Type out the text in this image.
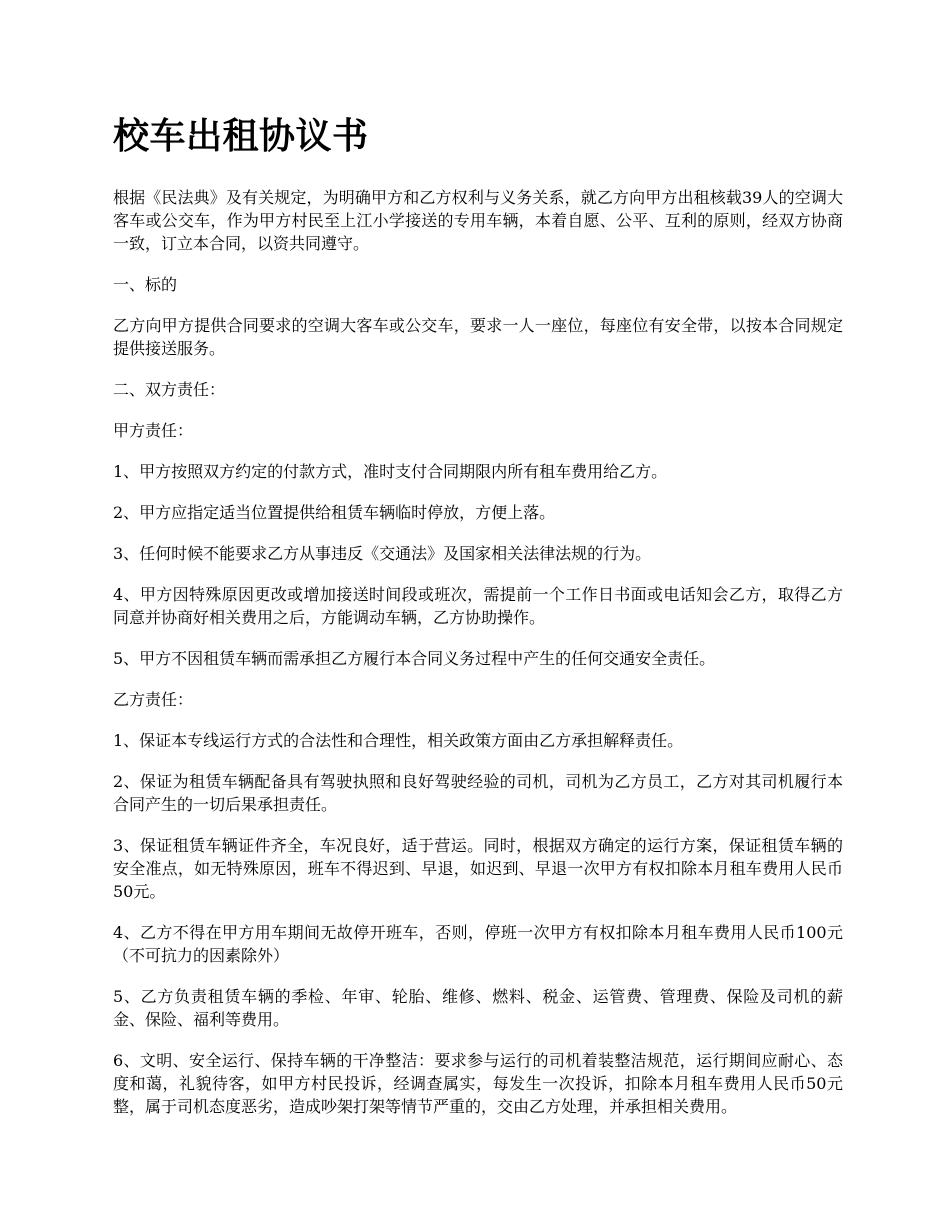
校车出租协议书

根据《民法典》及有关规定，为明确甲方和乙方权利与义务关系，就乙方向甲方出租核载39人的空调大客车或公交车，作为甲方村民至上江小学接送的专用车辆，本着自愿、公平、互利的原则，经双方协商一致，订立本合同，以资共同遵守。

一、标的

乙方向甲方提供合同要求的空调大客车或公交车，要求一人一座位，每座位有安全带，以按本合同规定提供接送服务。

二、双方责任：

甲方责任：

1、甲方按照双方约定的付款方式，准时支付合同期限内所有租车费用给乙方。

2、甲方应指定适当位置提供给租赁车辆临时停放，方便上落。

3、任何时候不能要求乙方从事违反《交通法》及国家相关法律法规的行为。

4、甲方因特殊原因更改或增加接送时间段或班次，需提前一个工作日书面或电话知会乙方，取得乙方同意并协商好相关费用之后，方能调动车辆，乙方协助操作。

5、甲方不因租赁车辆而需承担乙方履行本合同义务过程中产生的任何交通安全责任。

乙方责任：

1、保证本专线运行方式的合法性和合理性，相关政策方面由乙方承担解释责任。

2、保证为租赁车辆配备具有驾驶执照和良好驾驶经验的司机，司机为乙方员工，乙方对其司机履行本合同产生的一切后果承担责任。

3、保证租赁车辆证件齐全，车况良好，适于营运。同时，根据双方确定的运行方案，保证租赁车辆的安全准点，如无特殊原因，班车不得迟到、早退，如迟到、早退一次甲方有权扣除本月租车费用人民币50元。

4、乙方不得在甲方用车期间无故停开班车，否则，停班一次甲方有权扣除本月租车费用人民币100元（不可抗力的因素除外）

5、乙方负责租赁车辆的季检、年审、轮胎、维修、燃料、税金、运管费、管理费、保险及司机的薪金、保险、福利等费用。

6、文明、安全运行、保持车辆的干净整洁：要求参与运行的司机着装整洁规范，运行期间应耐心、态度和蔼，礼貌待客，如甲方村民投诉，经调查属实，每发生一次投诉，扣除本月租车费用人民币50元整，属于司机态度恶劣，造成吵架打架等情节严重的，交由乙方处理，并承担相关费用。
